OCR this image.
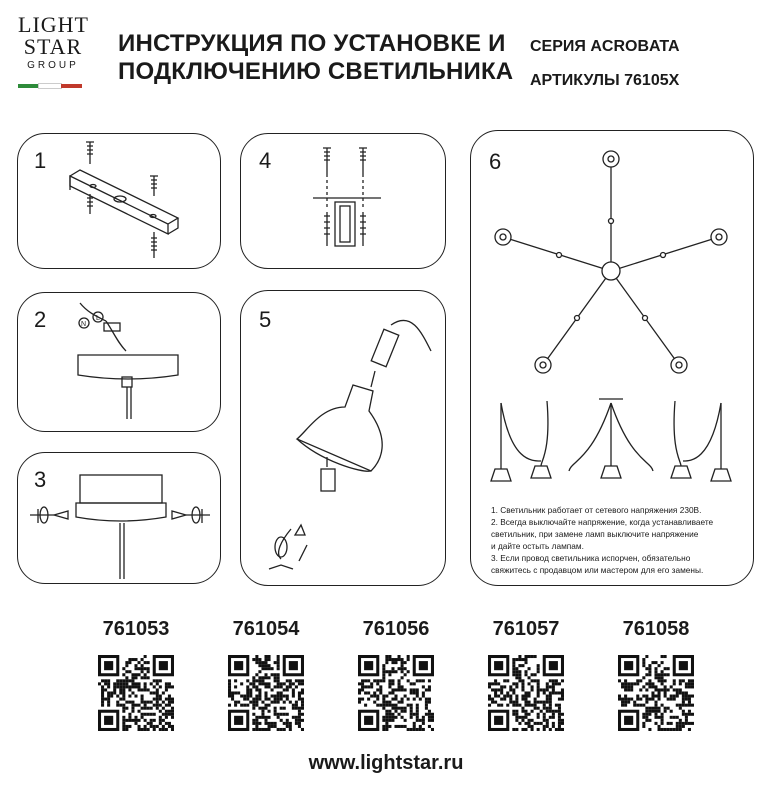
LIGHT
STAR
GROUP
ИНСТРУКЦИЯ ПО УСТАНОВКЕ И
ПОДКЛЮЧЕНИЮ СВЕТИЛЬНИКА
СЕРИЯ ACROBATA
АРТИКУЛЫ 76105X
1	4	6
1. Светильник работает от сетевого напряжения 230В.
2. Всегда выключайте напряжение, когда устанавливаете
светильник, при замене ламп выключите напряжение
и дайте остыть лампам.
3. Если провод светильника испорчен, обязательно
свяжитесь с продавцом или мастером для его замены.
2	N
L	5
3
761053	761054	761056	761057	761058
www.lightstar.ru
